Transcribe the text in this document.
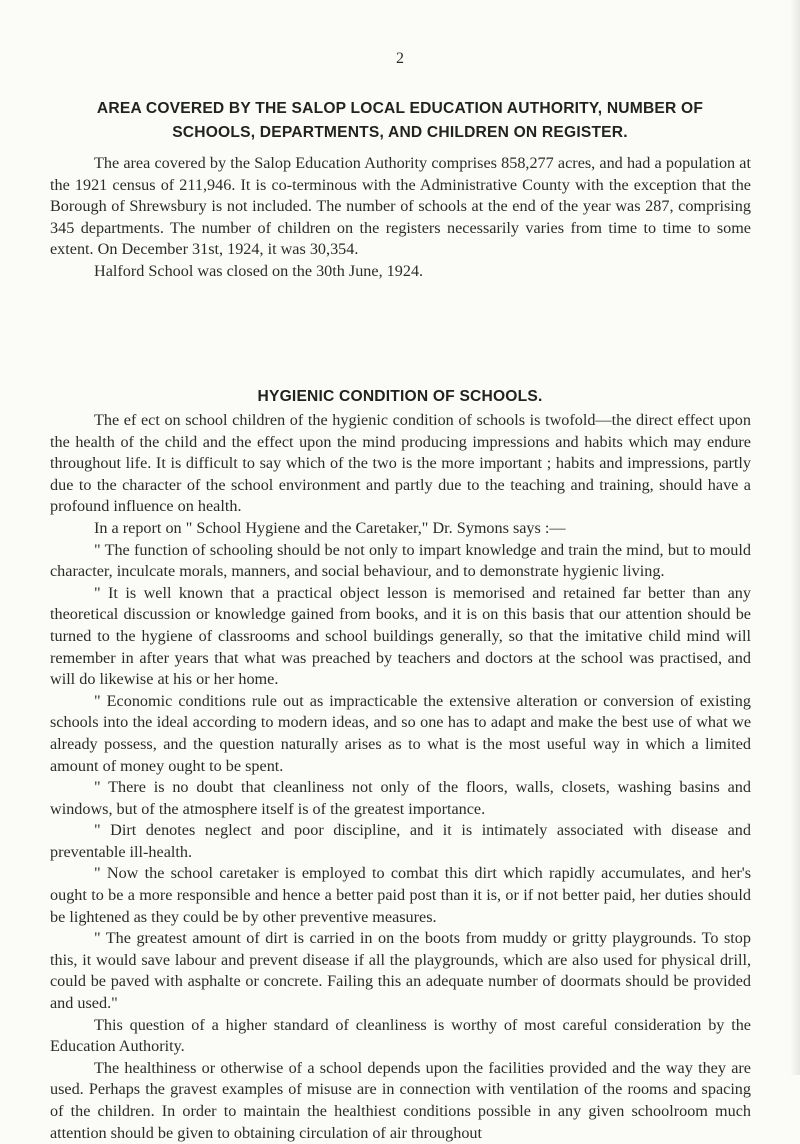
2
AREA COVERED BY THE SALOP LOCAL EDUCATION AUTHORITY, NUMBER OF SCHOOLS, DEPARTMENTS, AND CHILDREN ON REGISTER.

The area covered by the Salop Education Authority comprises 858,277 acres, and had a population at the 1921 census of 211,946. It is co-terminous with the Administrative County with the exception that the Borough of Shrewsbury is not included. The number of schools at the end of the year was 287, comprising 345 departments. The number of children on the registers necessarily varies from time to time to some extent. On December 31st, 1924, it was 30,354.

Halford School was closed on the 30th June, 1924.

HYGIENIC CONDITION OF SCHOOLS.

The ef ect on school children of the hygienic condition of schools is twofold—the direct effect upon the health of the child and the effect upon the mind producing impressions and habits which may endure throughout life. It is difficult to say which of the two is the more important ; habits and impressions, partly due to the character of the school environment and partly due to the teaching and training, should have a profound influence on health.

In a report on " School Hygiene and the Caretaker," Dr. Symons says :—

" The function of schooling should be not only to impart knowledge and train the mind, but to mould character, inculcate morals, manners, and social behaviour, and to demonstrate hygienic living.

" It is well known that a practical object lesson is memorised and retained far better than any theoretical discussion or knowledge gained from books, and it is on this basis that our attention should be turned to the hygiene of classrooms and school buildings generally, so that the imitative child mind will remember in after years that what was preached by teachers and doctors at the school was practised, and will do likewise at his or her home.

" Economic conditions rule out as impracticable the extensive alteration or conversion of existing schools into the ideal according to modern ideas, and so one has to adapt and make the best use of what we already possess, and the question naturally arises as to what is the most useful way in which a limited amount of money ought to be spent.

" There is no doubt that cleanliness not only of the floors, walls, closets, washing basins and windows, but of the atmosphere itself is of the greatest importance.

" Dirt denotes neglect and poor discipline, and it is intimately associated with disease and preventable ill-health.

" Now the school caretaker is employed to combat this dirt which rapidly accumulates, and her's ought to be a more responsible and hence a better paid post than it is, or if not better paid, her duties should be lightened as they could be by other preventive measures.

" The greatest amount of dirt is carried in on the boots from muddy or gritty playgrounds. To stop this, it would save labour and prevent disease if all the playgrounds, which are also used for physical drill, could be paved with asphalte or concrete. Failing this an adequate number of doormats should be provided and used."

This question of a higher standard of cleanliness is worthy of most careful consideration by the Education Authority.

The healthiness or otherwise of a school depends upon the facilities provided and the way they are used. Perhaps the gravest examples of misuse are in connection with ventilation of the rooms and spacing of the children. In order to maintain the healthiest conditions possible in any given schoolroom much attention should be given to obtaining circulation of air throughout
